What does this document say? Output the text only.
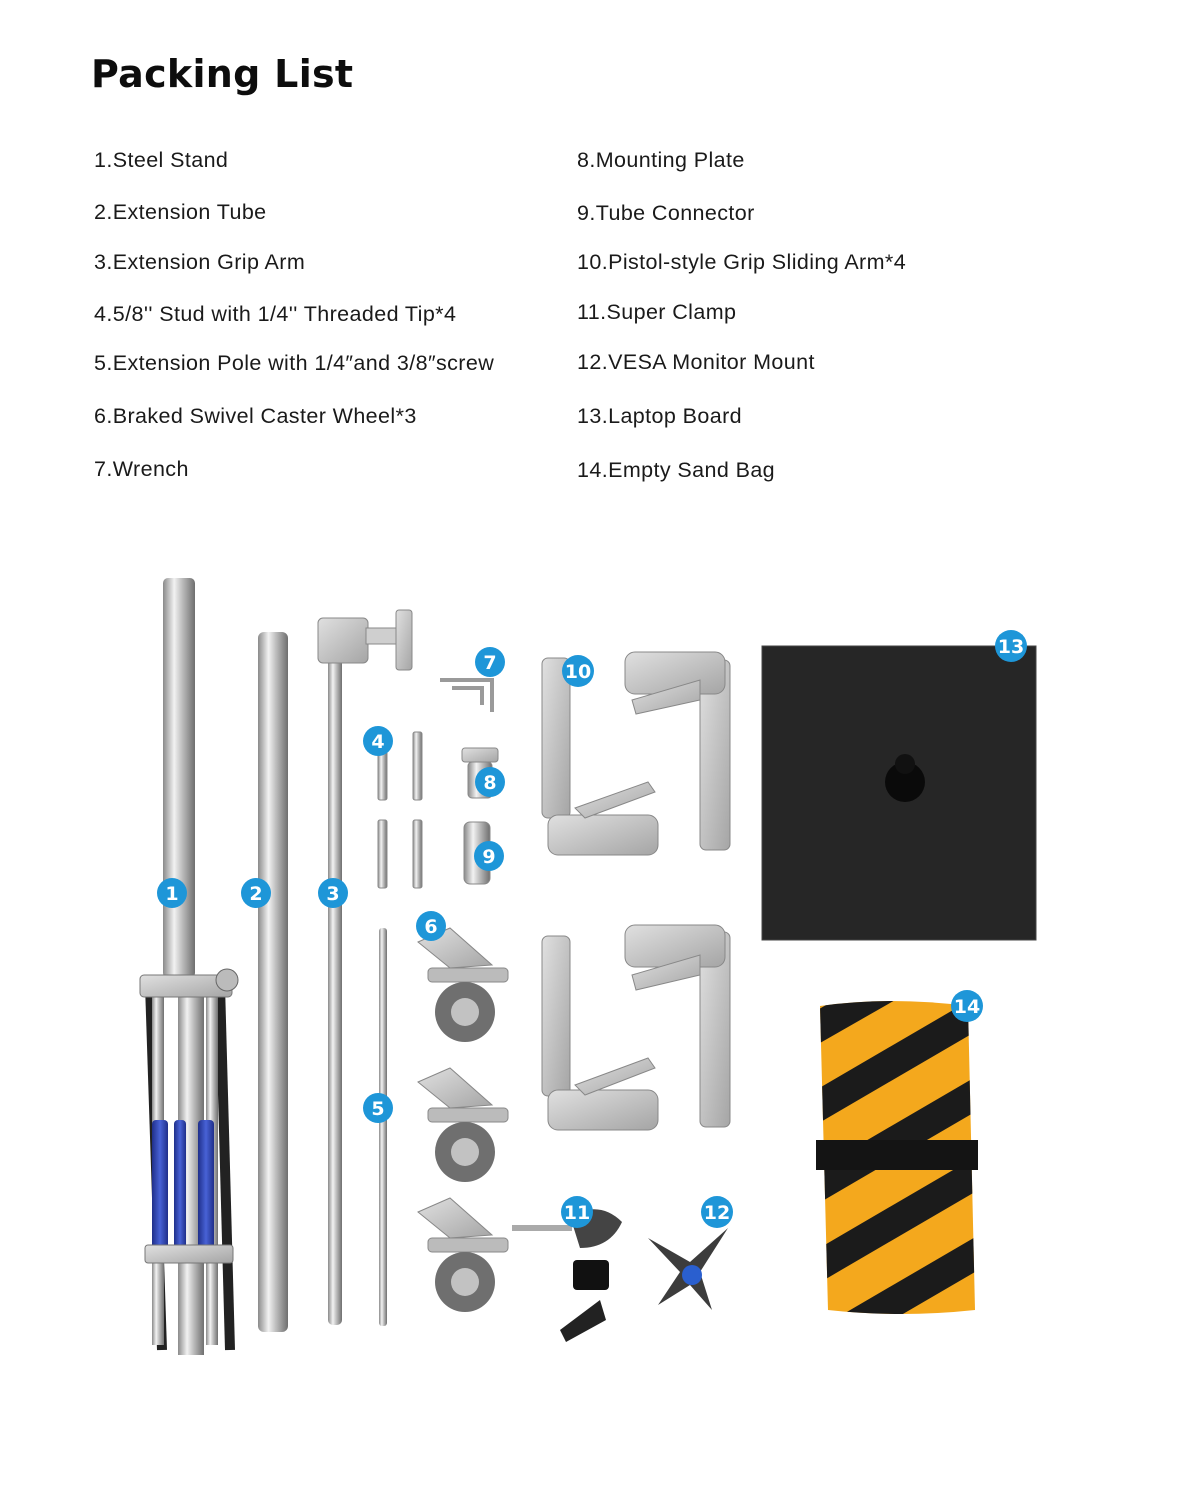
Packing List
1.Steel Stand
2.Extension Tube
3.Extension Grip Arm
4.5/8'' Stud with 1/4'' Threaded Tip*4
5.Extension Pole with 1/4″and 3/8″screw
6.Braked Swivel Caster Wheel*3
7.Wrench
8.Mounting Plate
9.Tube Connector
10.Pistol-style Grip Sliding Arm*4
11.Super Clamp
12.VESA Monitor Mount
13.Laptop Board
14.Empty Sand Bag
1	2	3
4
5
6
7
8
9
10
11	12
13
14
